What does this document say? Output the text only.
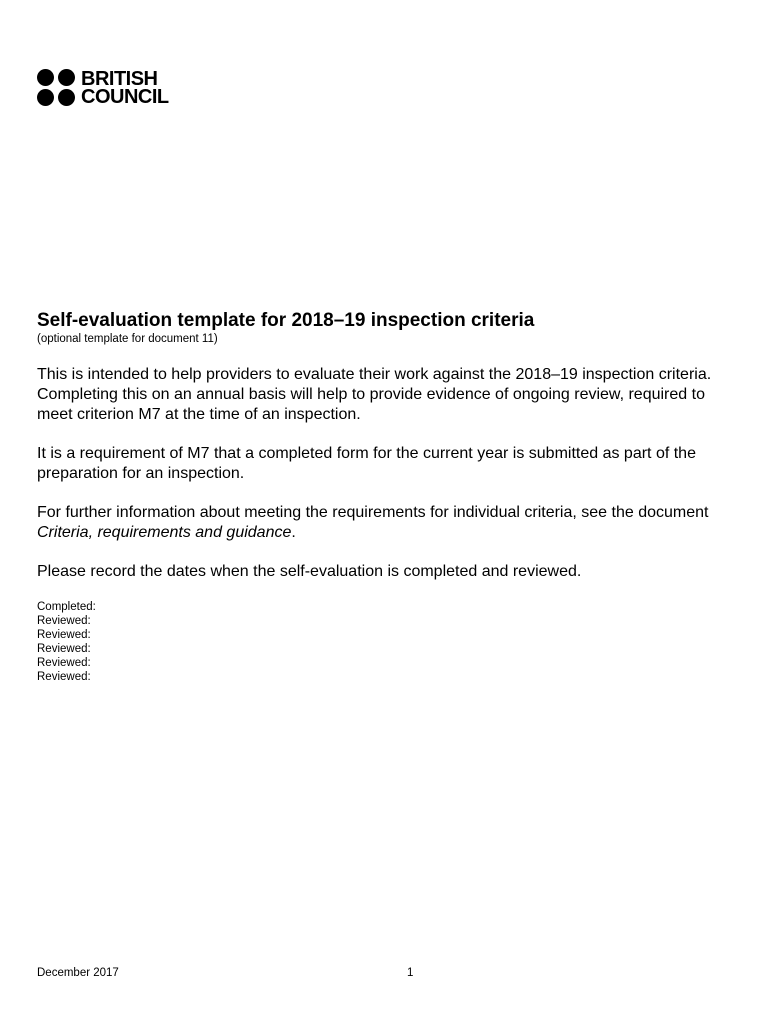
BRITISH
COUNCIL
Self-evaluation template for 2018–19 inspection criteria

(optional template for document 11)

This is intended to help providers to evaluate their work against the 2018–19 inspection criteria. Completing this on an annual basis will help to provide evidence of ongoing review, required to meet criterion M7 at the time of an inspection.

It is a requirement of M7 that a completed form for the current year is submitted as part of the preparation for an inspection.

For further information about meeting the requirements for individual criteria, see the document Criteria, requirements and guidance.

Please record the dates when the self-evaluation is completed and reviewed.

Completed:
Reviewed:
Reviewed:
Reviewed:
Reviewed:
Reviewed:
December 2017	1
